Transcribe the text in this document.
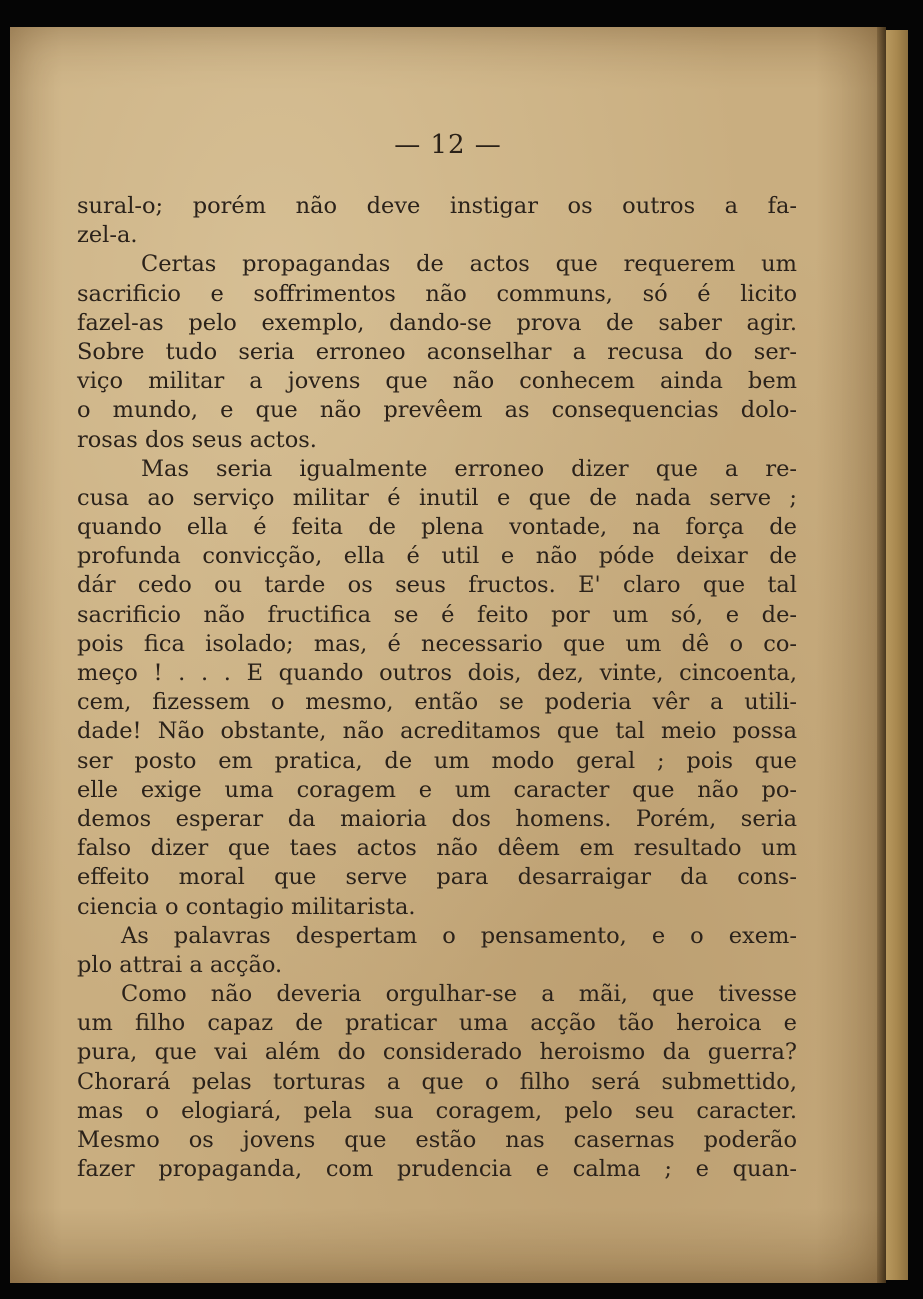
— 12 —
sural-o; porém não deve instigar os outros a fa-
zel-a.
Certas propagandas de actos que requerem um
sacrificio e soffrimentos não communs, só é licito
fazel-as pelo exemplo, dando-se prova de saber agir.
Sobre tudo seria erroneo aconselhar a recusa do ser-
viço militar a jovens que não conhecem ainda bem
o mundo, e que não prevêem as consequencias dolo-
rosas dos seus actos.
Mas seria igualmente erroneo dizer que a re-
cusa ao serviço militar é inutil e que de nada serve ;
quando ella é feita de plena vontade, na força de
profunda convicção, ella é util e não póde deixar de
dár cedo ou tarde os seus fructos. E' claro que tal
sacrificio não fructifica se é feito por um só, e de-
pois fica isolado; mas, é necessario que um dê o co-
meço ! . . . E quando outros dois, dez, vinte, cincoenta,
cem, fizessem o mesmo, então se poderia vêr a utili-
dade! Não obstante, não acreditamos que tal meio possa
ser posto em pratica, de um modo geral ; pois que
elle exige uma coragem e um caracter que não po-
demos esperar da maioria dos homens. Porém, seria
falso dizer que taes actos não dêem em resultado um
effeito moral que serve para desarraigar da cons-
ciencia o contagio militarista.
As palavras despertam o pensamento, e o exem-
plo attrai a acção.
Como não deveria orgulhar-se a mãi, que tivesse
um filho capaz de praticar uma acção tão heroica e
pura, que vai além do considerado heroismo da guerra?
Chorará pelas torturas a que o filho será submettido,
mas o elogiará, pela sua coragem, pelo seu caracter.
Mesmo os jovens que estão nas casernas poderão
fazer propaganda, com prudencia e calma ; e quan-
